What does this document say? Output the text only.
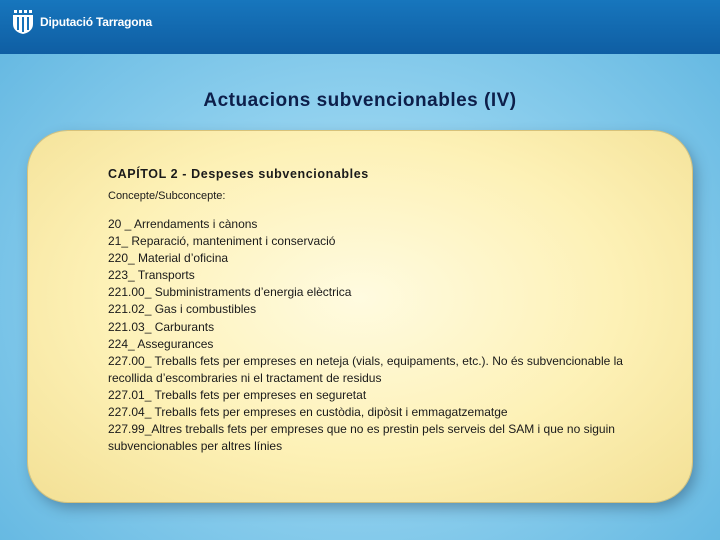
Diputació Tarragona
Actuacions subvencionables (IV)
CAPÍTOL 2 - Despeses subvencionables
Concepte/Subconcepte:
20 _ Arrendaments i cànons
21_ Reparació, manteniment i conservació
220_ Material d’oficina
223_ Transports
221.00_ Subministraments d’energia elèctrica
221.02_ Gas i combustibles
221.03_ Carburants
224_ Assegurances
227.00_ Treballs fets per empreses en neteja (vials, equipaments, etc.). No és subvencionable la recollida d’escombraries ni el tractament de residus
227.01_ Treballs fets per empreses en seguretat
227.04_ Treballs fets per empreses en custòdia, dipòsit i emmagatzematge
227.99_Altres treballs fets per empreses que no es prestin pels serveis del SAM i que no siguin subvencionables per altres línies
